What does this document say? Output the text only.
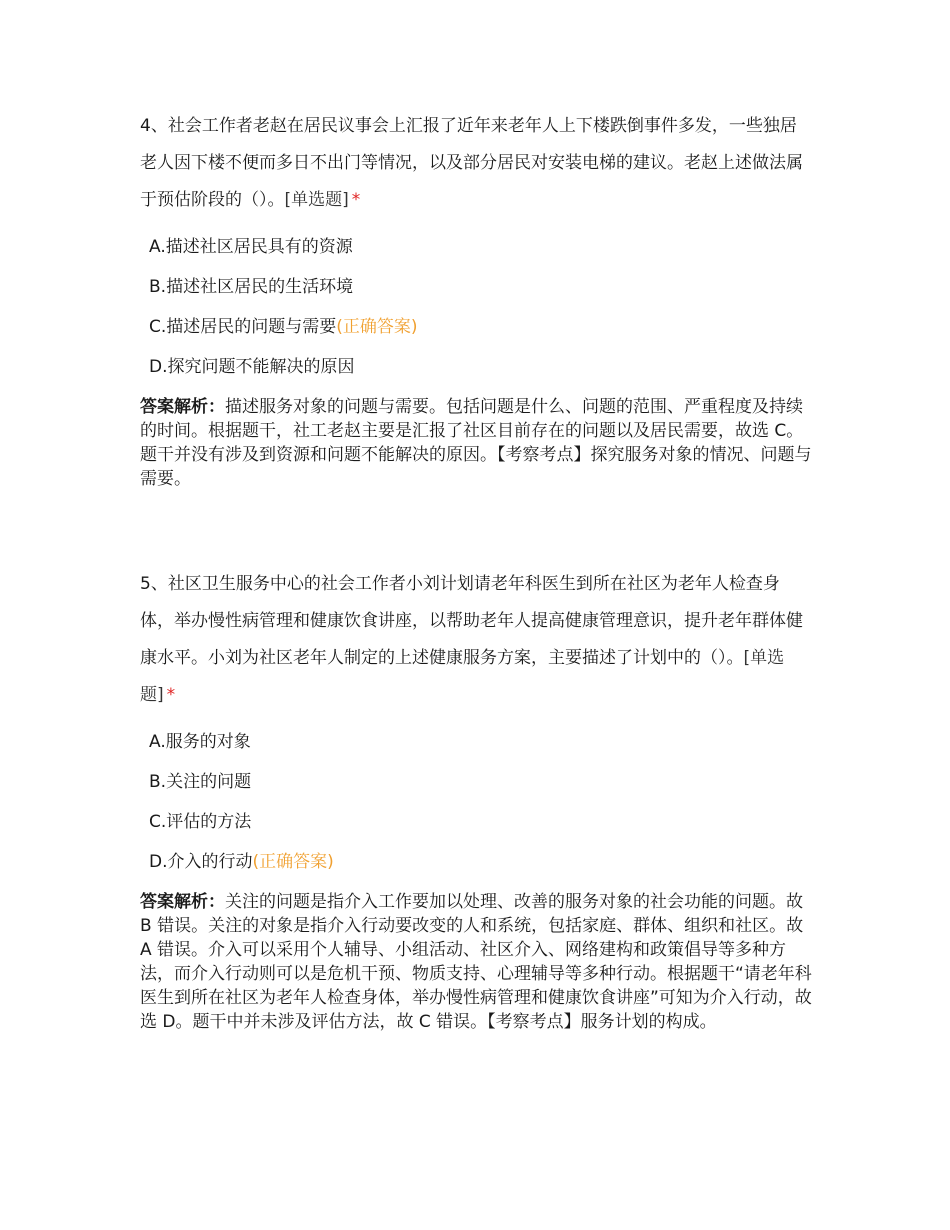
4、社会工作者老赵在居民议事会上汇报了近年来老年人上下楼跌倒事件多发，一些独居老人因下楼不便而多日不出门等情况，以及部分居民对安装电梯的建议。老赵上述做法属于预估阶段的（）。[单选题] *

A.描述社区居民具有的资源
B.描述社区居民的生活环境
C.描述居民的问题与需要(正确答案)
D.探究问题不能解决的原因

答案解析：描述服务对象的问题与需要。包括问题是什么、问题的范围、严重程度及持续的时间。根据题干，社工老赵主要是汇报了社区目前存在的问题以及居民需要，故选 C。题干并没有涉及到资源和问题不能解决的原因。【考察考点】探究服务对象的情况、问题与需要。

5、社区卫生服务中心的社会工作者小刘计划请老年科医生到所在社区为老年人检查身体，举办慢性病管理和健康饮食讲座，以帮助老年人提高健康管理意识，提升老年群体健康水平。小刘为社区老年人制定的上述健康服务方案，主要描述了计划中的（）。[单选题] *

A.服务的对象
B.关注的问题
C.评估的方法
D.介入的行动(正确答案)

答案解析：关注的问题是指介入工作要加以处理、改善的服务对象的社会功能的问题。故 B 错误。关注的对象是指介入行动要改变的人和系统，包括家庭、群体、组织和社区。故 A 错误。介入可以采用个人辅导、小组活动、社区介入、网络建构和政策倡导等多种方法，而介入行动则可以是危机干预、物质支持、心理辅导等多种行动。根据题干“请老年科医生到所在社区为老年人检查身体，举办慢性病管理和健康饮食讲座”可知为介入行动，故选 D。题干中并未涉及评估方法，故 C 错误。【考察考点】服务计划的构成。
